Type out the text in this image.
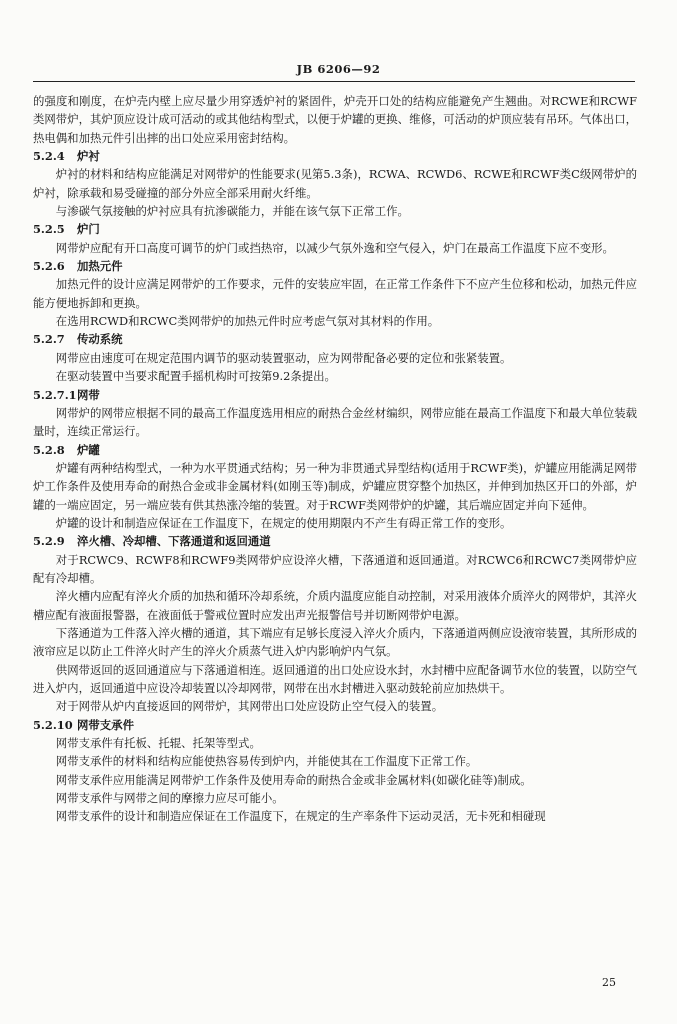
JB 6206—92

的强度和刚度，在炉壳内壁上应尽量少用穿透炉衬的紧固件，炉壳开口处的结构应能避免产生翘曲。对RCWE和RCWF类网带炉，其炉顶应设计成可活动的或其他结构型式，以便于炉罐的更换、维修，可活动的炉顶应装有吊环。气体出口，热电偶和加热元件引出摔的出口处应采用密封结构。

5.2.4 炉衬

炉衬的材料和结构应能满足对网带炉的性能要求(见第5.3条)，RCWA、RCWD6、RCWE和RCWF类C级网带炉的炉衬，除承载和易受碰撞的部分外应全部采用耐火纤维。

与渗碳气氛接触的炉衬应具有抗渗碳能力，并能在该气氛下正常工作。

5.2.5 炉门

网带炉应配有开口高度可调节的炉门或挡热帘，以减少气氛外逸和空气侵入，炉门在最高工作温度下应不变形。

5.2.6 加热元件

加热元件的设计应满足网带炉的工作要求，元件的安装应牢固，在正常工作条件下不应产生位移和松动，加热元件应能方便地拆卸和更换。

在选用RCWD和RCWC类网带炉的加热元件时应考虑气氛对其材料的作用。

5.2.7 传动系统

网带应由速度可在规定范围内调节的驱动装置驱动，应为网带配备必要的定位和张紧装置。

在驱动装置中当要求配置手摇机构时可按第9.2条提出。

5.2.7.1网带

网带炉的网带应根据不同的最高工作温度选用相应的耐热合金丝材编织，网带应能在最高工作温度下和最大单位装载量时，连续正常运行。

5.2.8 炉罐

炉罐有两种结构型式，一种为水平贯通式结构；另一种为非贯通式异型结构(适用于RCWF类)，炉罐应用能满足网带炉工作条件及使用寿命的耐热合金或非金属材料(如刚玉等)制成，炉罐应贯穿整个加热区，并伸到加热区开口的外部，炉罐的一端应固定，另一端应装有供其热涨冷缩的装置。对于RCWF类网带炉的炉罐，其后端应固定并向下延伸。

炉罐的设计和制造应保证在工作温度下，在规定的使用期限内不产生有碍正常工作的变形。

5.2.9 淬火槽、冷却槽、下落通道和返回通道

对于RCWC9、RCWF8和RCWF9类网带炉应设淬火槽，下落通道和返回通道。对RCWC6和RCWC7类网带炉应配有冷却槽。

淬火槽内应配有淬火介质的加热和循环冷却系统，介质内温度应能自动控制，对采用液体介质淬火的网带炉，其淬火槽应配有液面报警器，在液面低于警戒位置时应发出声光报警信号并切断网带炉电源。

下落通道为工件落入淬火槽的通道，其下端应有足够长度浸入淬火介质内，下落通道两侧应设液帘装置，其所形成的液帘应足以防止工件淬火时产生的淬火介质蒸气进入炉内影响炉内气氛。

供网带返回的返回通道应与下落通道相连。返回通道的出口处应设水封，水封槽中应配备调节水位的装置，以防空气进入炉内，返回通道中应设冷却装置以冷却网带，网带在出水封槽进入驱动鼓轮前应加热烘干。

对于网带从炉内直接返回的网带炉，其网带出口处应设防止空气侵入的装置。

5.2.10 网带支承件

网带支承件有托板、托辊、托架等型式。

网带支承件的材料和结构应能使热容易传到炉内，并能使其在工作温度下正常工作。

网带支承件应用能满足网带炉工作条件及使用寿命的耐热合金或非金属材料(如碳化硅等)制成。

网带支承件与网带之间的摩擦力应尽可能小。

网带支承件的设计和制造应保证在工作温度下，在规定的生产率条件下运动灵活，无卡死和相碰现

25
